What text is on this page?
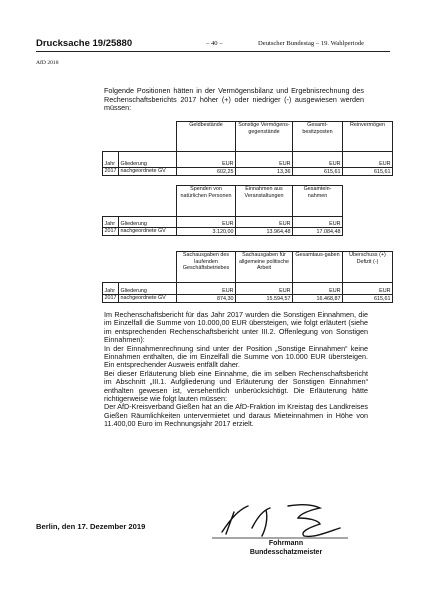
Drucksache 19/25880	– 40 –	Deutscher Bundestag – 19. Wahlperiode
AfD 2018
Folgende Positionen hätten in der Vermögensbilanz und Ergebnisrechnung des Rechenschaftsberichts 2017 höher (+) oder niedriger (-) ausgewiesen werden müssen:
		Geldbestände	Sonstige Vermögens-gegenstände	Gesamt-besitzposten	Reinvermögen
Jahr	Gliederung	EUR	EUR	EUR	EUR
2017	nachgeordnete GV	602,25	13,36	615,61	615,61
		Spenden von natürlichen Personen	Einnahmen aus Veranstaltungen	Gesamtein-nahmen
Jahr	Gliederung	EUR	EUR	EUR
2017	nachgeordnete GV	3.120,00	13.964,48	17.084,48
		Sachausgaben des laufenden Geschäftsbetriebes	Sachausgaben für allgemeine politische Arbeit	Gesamtaus-gaben	Überschuss (+) Defizit (-)
Jahr	Gliederung	EUR	EUR	EUR	EUR
2017	nachgeordnete GV	874,30	15.594,57	16.468,87	615,61

Im Rechenschaftsbericht für das Jahr 2017 wurden die Sonstigen Einnahmen, die im Einzelfall die Summe von 10.000,00 EUR übersteigen, wie folgt erläutert (siehe im entsprechenden Rechenschaftsbericht unter III.2. Offenlegung von Sonstigen Einnahmen):

In der Einnahmenrechnung sind unter der Position „Sonstige Einnahmen“ keine Einnahmen enthalten, die im Einzelfall die Summe von 10.000 EUR übersteigen. Ein entsprechender Ausweis entfällt daher.

Bei dieser Erläuterung blieb eine Einnahme, die im selben Rechenschaftsbericht im Abschnitt „III.1. Aufgliederung und Erläuterung der Sonstigen Einnahmen“ enthalten gewesen ist, versehentlich unberücksichtigt. Die Erläuterung hätte richtigerweise wie folgt lauten müssen:

Der AfD-Kreisverband Gießen hat an die AfD-Fraktion im Kreistag des Landkreises Gießen Räumlichkeiten untervermietet und daraus Mieteinnahmen in Höhe von 11.400,00 Euro im Rechnungsjahr 2017 erzielt.

Berlin, den 17. Dezember 2019
Fohrmann
Bundesschatzmeister
